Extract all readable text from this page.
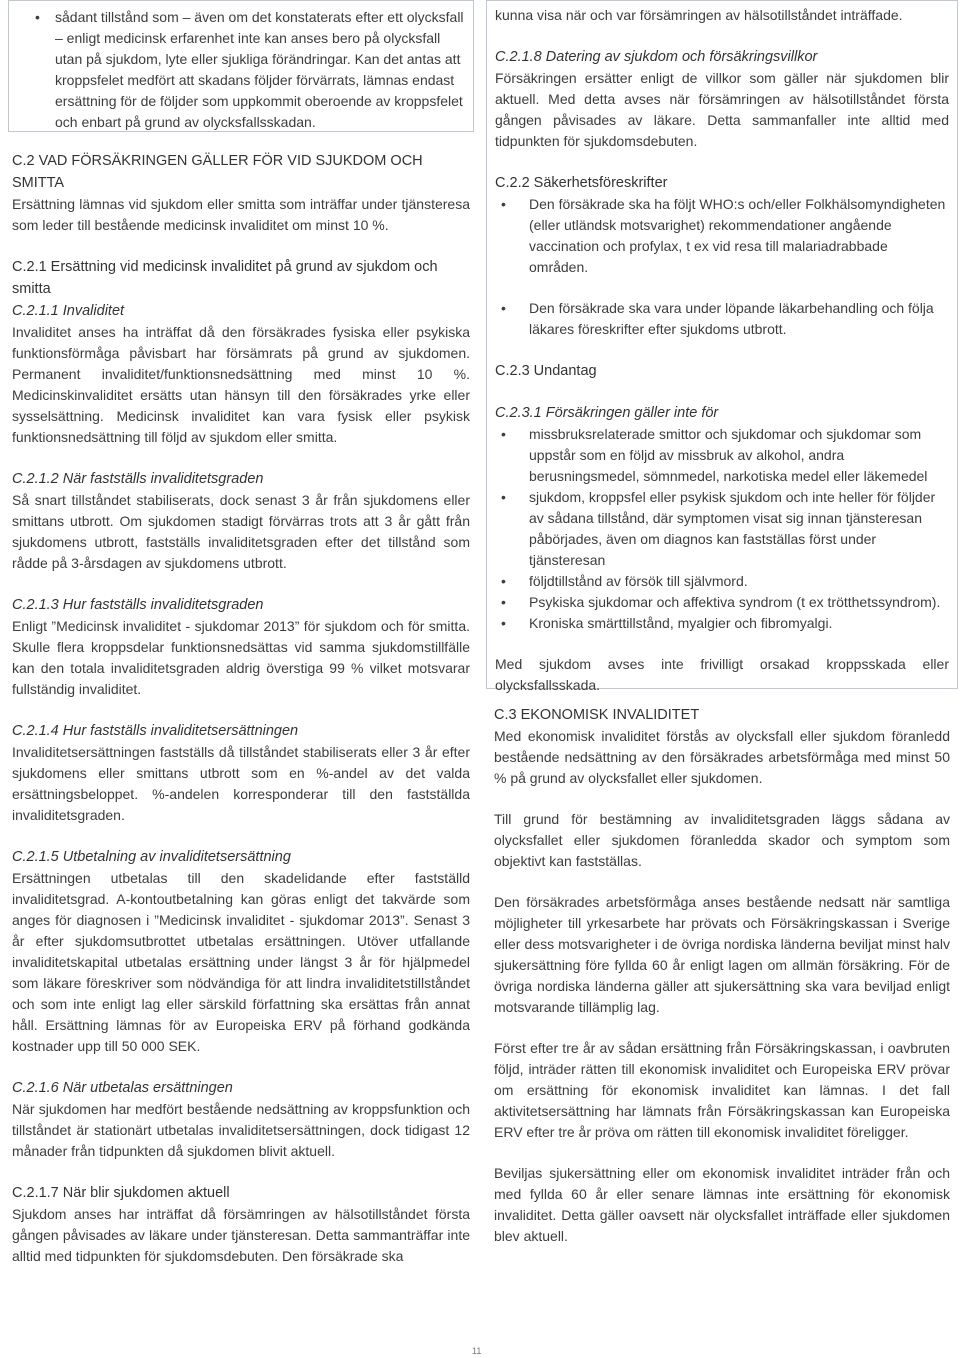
• sådant tillstånd som – även om det konstaterats efter ett olycksfall – enligt medicinsk erfarenhet inte kan anses bero på olycksfall utan på sjukdom, lyte eller sjukliga förändringar. Kan det antas att kroppsfelet medfört att skadans följder förvärrats, lämnas endast ersättning för de följder som uppkommit oberoende av kroppsfelet och enbart på grund av olycksfallsskadan.

C.2 VAD FÖRSÄKRINGEN GÄLLER FÖR VID SJUKDOM OCH SMITTA

Ersättning lämnas vid sjukdom eller smitta som inträffar under tjänsteresa som leder till bestående medicinsk invaliditet om minst 10 %.

C.2.1 Ersättning vid medicinsk invaliditet på grund av sjukdom och smitta

C.2.1.1 Invaliditet

Invaliditet anses ha inträffat då den försäkrades fysiska eller psykiska funktionsförmåga påvisbart har försämrats på grund av sjukdomen. Permanent invaliditet/funktionsnedsättning med minst 10 %. Medicinskinvaliditet ersätts utan hänsyn till den försäkrades yrke eller sysselsättning. Medicinsk invaliditet kan vara fysisk eller psykisk funktionsnedsättning till följd av sjukdom eller smitta.

C.2.1.2 När fastställs invaliditetsgraden

Så snart tillståndet stabiliserats, dock senast 3 år från sjukdomens eller smittans utbrott. Om sjukdomen stadigt förvärras trots att 3 år gått från sjukdomens utbrott, fastställs invaliditetsgraden efter det tillstånd som rådde på 3-årsdagen av sjukdomens utbrott.

C.2.1.3 Hur fastställs invaliditetsgraden

Enligt ”Medicinsk invaliditet - sjukdomar 2013” för sjukdom och för smitta. Skulle flera kroppsdelar funktionsnedsättas vid samma sjukdomstillfälle kan den totala invaliditetsgraden aldrig överstiga 99 % vilket motsvarar fullständig invaliditet.

C.2.1.4 Hur fastställs invaliditetsersättningen

Invaliditetsersättningen fastställs då tillståndet stabiliserats eller 3 år efter sjukdomens eller smittans utbrott som en %-andel av det valda ersättningsbeloppet. %-andelen korresponderar till den fastställda invaliditetsgraden.

C.2.1.5 Utbetalning av invaliditetsersättning

Ersättningen utbetalas till den skadelidande efter fastställd invaliditetsgrad. A-kontoutbetalning kan göras enligt det takvärde som anges för diagnosen i ”Medicinsk invaliditet - sjukdomar 2013”. Senast 3 år efter sjukdomsutbrottet utbetalas ersättningen. Utöver utfallande invaliditetskapital utbetalas ersättning under längst 3 år för hjälpmedel som läkare föreskriver som nödvändiga för att lindra invaliditetstillståndet och som inte enligt lag eller särskild författning ska ersättas från annat håll. Ersättning lämnas för av Europeiska ERV på förhand godkända kostnader upp till 50 000 SEK.

C.2.1.6 När utbetalas ersättningen

När sjukdomen har medfört bestående nedsättning av kroppsfunktion och tillståndet är stationärt utbetalas invaliditetsersättningen, dock tidigast 12 månader från tidpunkten då sjukdomen blivit aktuell.

C.2.1.7 När blir sjukdomen aktuell

Sjukdom anses har inträffat då försämringen av hälsotillståndet första gången påvisades av läkare under tjänsteresan. Detta sammanträffar inte alltid med tidpunkten för sjukdomsdebuten. Den försäkrade ska

kunna visa när och var försämringen av hälsotillståndet inträffade.

C.2.1.8 Datering av sjukdom och försäkringsvillkor

Försäkringen ersätter enligt de villkor som gäller när sjukdomen blir aktuell. Med detta avses när försämringen av hälsotillståndet första gången påvisades av läkare. Detta sammanfaller inte alltid med tidpunkten för sjukdomsdebuten.

C.2.2 Säkerhetsföreskrifter

• Den försäkrade ska ha följt WHO:s och/eller Folkhälsomyndigheten (eller utländsk motsvarighet) rekommendationer angående vaccination och profylax, t ex vid resa till malariadrabbade områden.
• Den försäkrade ska vara under löpande läkarbehandling och följa läkares föreskrifter efter sjukdoms utbrott.

C.2.3 Undantag

C.2.3.1 Försäkringen gäller inte för

• missbruksrelaterade smittor och sjukdomar och sjukdomar som uppstår som en följd av missbruk av alkohol, andra berusningsmedel, sömnmedel, narkotiska medel eller läkemedel
• sjukdom, kroppsfel eller psykisk sjukdom och inte heller för följder av sådana tillstånd, där symptomen visat sig innan tjänsteresan påbörjades, även om diagnos kan fastställas först under tjänsteresan
• följdtillstånd av försök till självmord.
• Psykiska sjukdomar och affektiva syndrom (t ex trötthetssyndrom).
• Kroniska smärttillstånd, myalgier och fibromyalgi.

Med sjukdom avses inte frivilligt orsakad kroppsskada eller olycksfallsskada.

C.3 EKONOMISK INVALIDITET

Med ekonomisk invaliditet förstås av olycksfall eller sjukdom föranledd bestående nedsättning av den försäkrades arbetsförmåga med minst 50 % på grund av olycksfallet eller sjukdomen.

Till grund för bestämning av invaliditetsgraden läggs sådana av olycksfallet eller sjukdomen föranledda skador och symptom som objektivt kan fastställas.

Den försäkrades arbetsförmåga anses bestående nedsatt när samtliga möjligheter till yrkesarbete har prövats och Försäkringskassan i Sverige eller dess motsvarigheter i de övriga nordiska länderna beviljat minst halv sjukersättning före fyllda 60 år enligt lagen om allmän försäkring. För de övriga nordiska länderna gäller att sjukersättning ska vara beviljad enligt motsvarande tillämplig lag.

Först efter tre år av sådan ersättning från Försäkringskassan, i oavbruten följd, inträder rätten till ekonomisk invaliditet och Europeiska ERV prövar om ersättning för ekonomisk invaliditet kan lämnas. I det fall aktivitetsersättning har lämnats från Försäkringskassan kan Europeiska ERV efter tre år pröva om rätten till ekonomisk invaliditet föreligger.

Beviljas sjukersättning eller om ekonomisk invaliditet inträder från och med fyllda 60 år eller senare lämnas inte ersättning för ekonomisk invaliditet. Detta gäller oavsett när olycksfallet inträffade eller sjukdomen blev aktuell.

11
